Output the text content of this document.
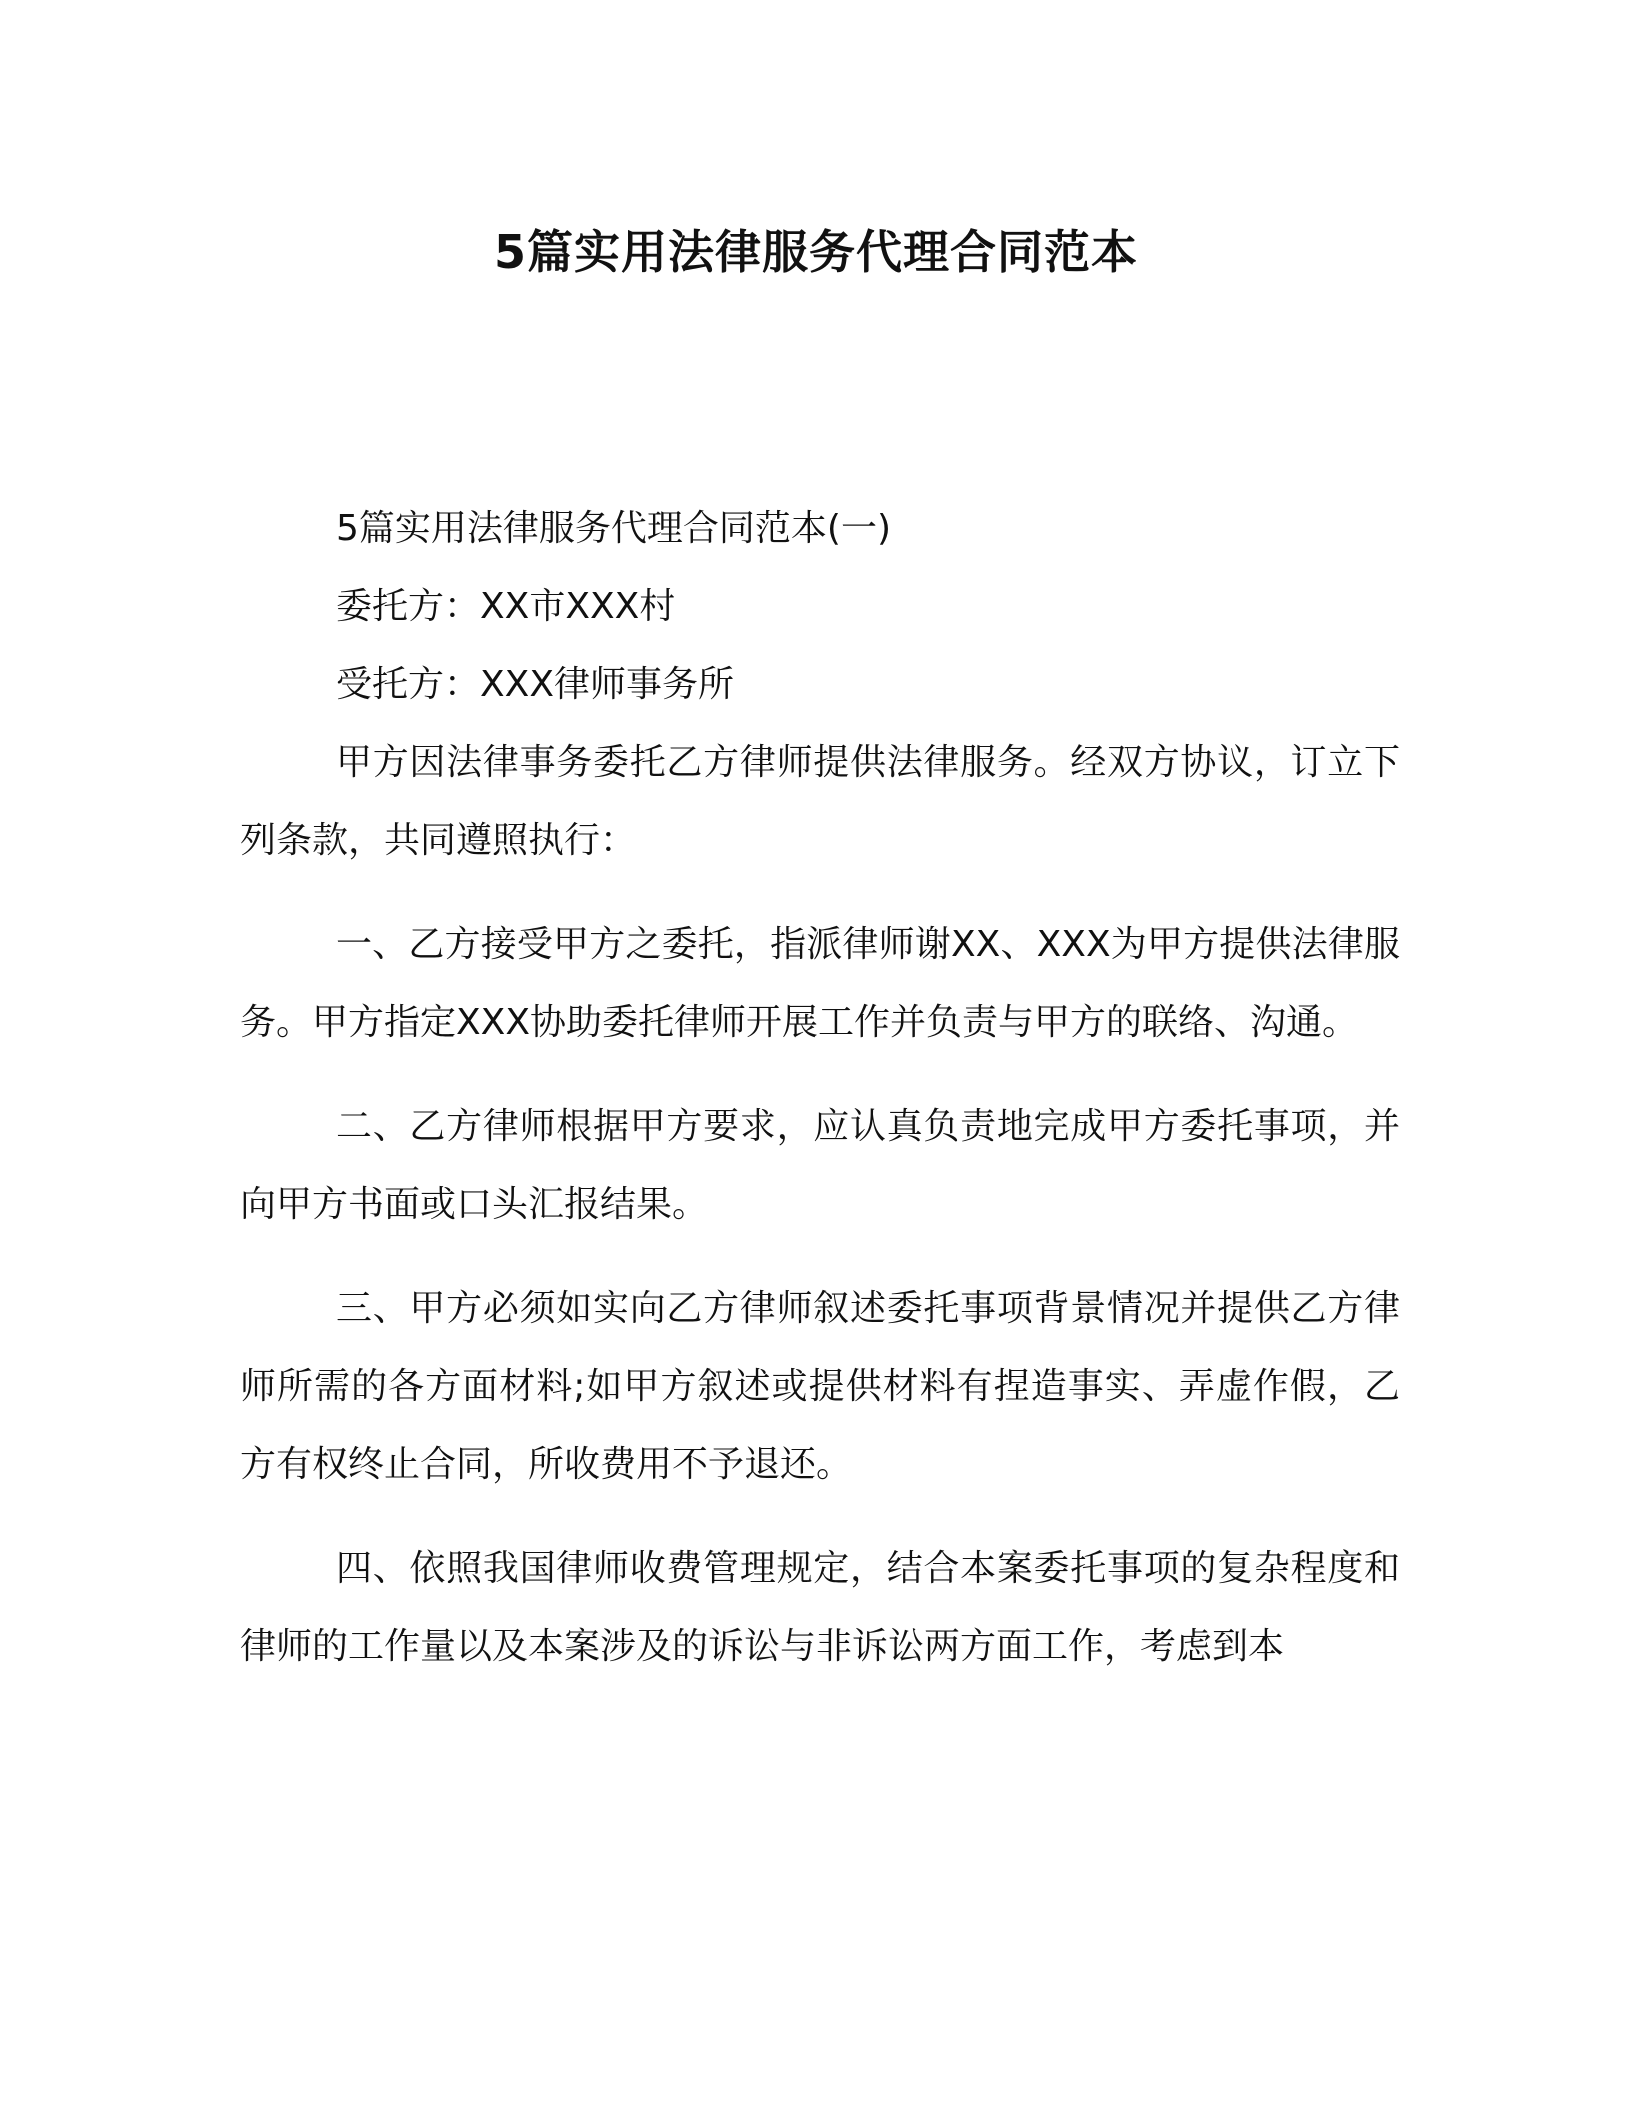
5篇实用法律服务代理合同范本

5篇实用法律服务代理合同范本(一)

委托方：XX市XXX村

受托方：XXX律师事务所

甲方因法律事务委托乙方律师提供法律服务。经双方协议，订立下列条款，共同遵照执行：

一、乙方接受甲方之委托，指派律师谢XX、XXX为甲方提供法律服务。甲方指定XXX协助委托律师开展工作并负责与甲方的联络、沟通。

二、乙方律师根据甲方要求，应认真负责地完成甲方委托事项，并向甲方书面或口头汇报结果。

三、甲方必须如实向乙方律师叙述委托事项背景情况并提供乙方律师所需的各方面材料;如甲方叙述或提供材料有捏造事实、弄虚作假，乙方有权终止合同，所收费用不予退还。

四、依照我国律师收费管理规定，结合本案委托事项的复杂程度和律师的工作量以及本案涉及的诉讼与非诉讼两方面工作，考虑到本
